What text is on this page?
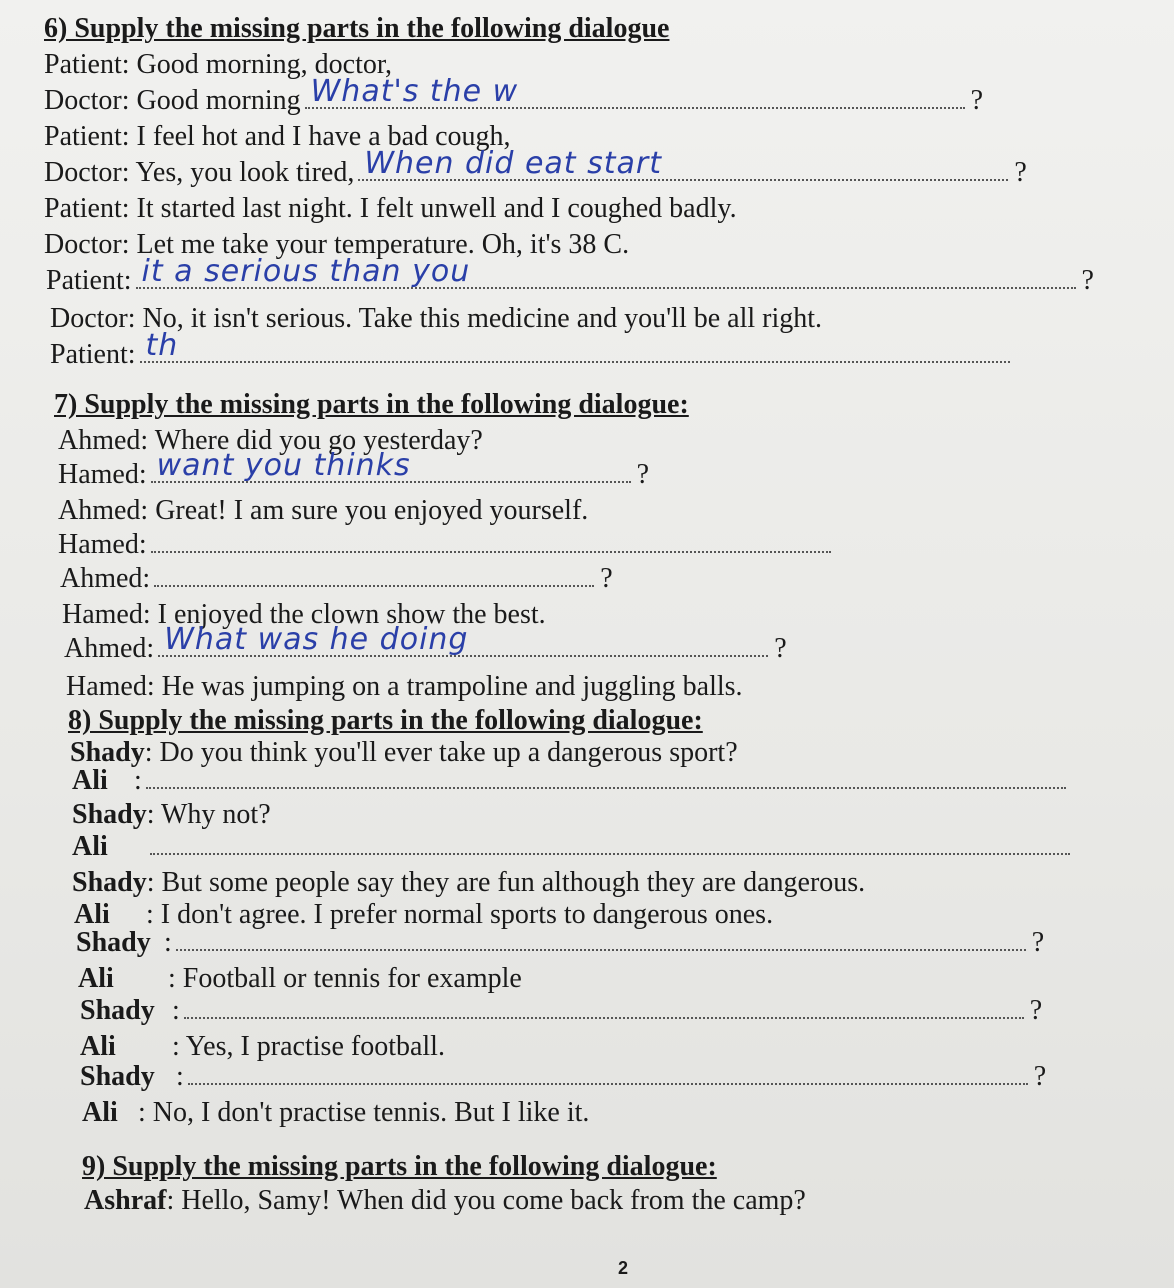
6) Supply the missing parts in the following dialogue
Patient: Good morning, doctor,
Doctor: Good morning What's the w	?
Patient: I feel hot and I have a bad cough,
Doctor: Yes, you look tired, When did eat start	?
Patient: It started last night. I felt unwell and I coughed badly.
Doctor: Let me take your temperature. Oh, it's 38 C.
Patient: it a serious than you	?
Doctor: No, it isn't serious. Take this medicine and you'll be all right.
Patient: th
7) Supply the missing parts in the following dialogue:
Ahmed: Where did you go yesterday?
Hamed: want you thinks	?
Ahmed: Great! I am sure you enjoyed yourself.
Hamed:
Ahmed:	?
Hamed: I enjoyed the clown show the best.
Ahmed: What was he doing	?
Hamed: He was jumping on a trampoline and juggling balls.
8) Supply the missing parts in the following dialogue:
Shady: Do you think you'll ever take up a dangerous sport?
Ali :
Shady: Why not?
Ali
Shady: But some people say they are fun although they are dangerous.
Ali : I don't agree. I prefer normal sports to dangerous ones.
Shady :	?
Ali : Football or tennis for example
Shady :	?
Ali : Yes, I practise football.
Shady :	?
Ali : No, I don't practise tennis. But I like it.
9) Supply the missing parts in the following dialogue:
Ashraf: Hello, Samy! When did you come back from the camp?
2
